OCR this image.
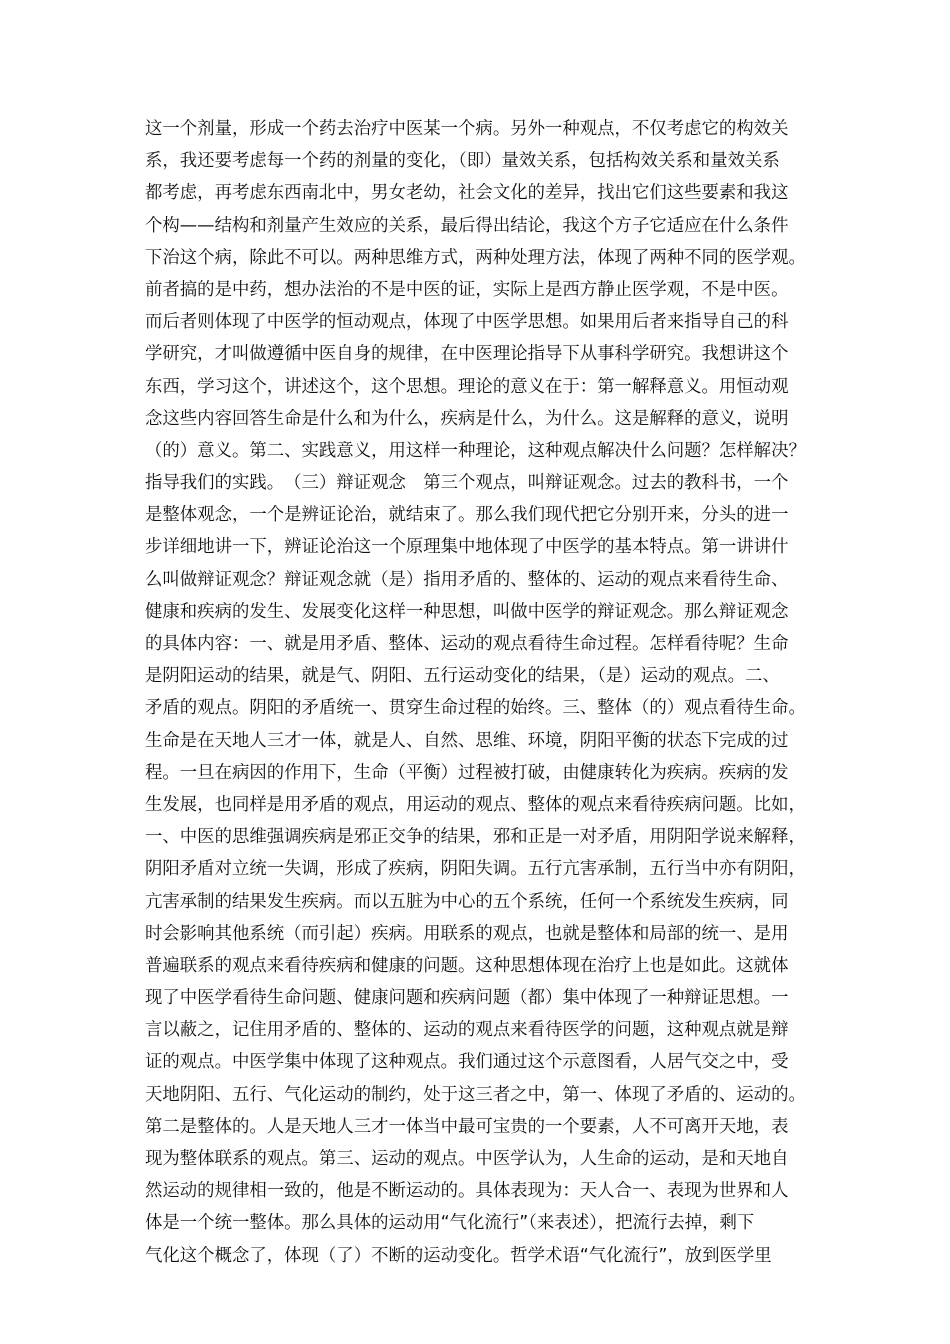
这一个剂量，形成一个药去治疗中医某一个病。另外一种观点，不仅考虑它的构效关
系，我还要考虑每一个药的剂量的变化，（即）量效关系，包括构效关系和量效关系
都考虑，再考虑东西南北中，男女老幼，社会文化的差异，找出它们这些要素和我这
个构——结构和剂量产生效应的关系，最后得出结论，我这个方子它适应在什么条件
下治这个病，除此不可以。两种思维方式，两种处理方法，体现了两种不同的医学观。
前者搞的是中药，想办法治的不是中医的证，实际上是西方静止医学观，不是中医。
而后者则体现了中医学的恒动观点，体现了中医学思想。如果用后者来指导自己的科
学研究，才叫做遵循中医自身的规律，在中医理论指导下从事科学研究。我想讲这个
东西，学习这个，讲述这个，这个思想。理论的意义在于：第一解释意义。用恒动观
念这些内容回答生命是什么和为什么，疾病是什么，为什么。这是解释的意义，说明
（的）意义。第二、实践意义，用这样一种理论，这种观点解决什么问题？怎样解决？
指导我们的实践。　（三）辩证观念　第三个观点，叫辩证观念。过去的教科书，一个
是整体观念，一个是辨证论治，就结束了。那么我们现代把它分别开来，分头的进一
步详细地讲一下，辨证论治这一个原理集中地体现了中医学的基本特点。第一讲讲什
么叫做辩证观念？辩证观念就（是）指用矛盾的、整体的、运动的观点来看待生命、
健康和疾病的发生、发展变化这样一种思想，叫做中医学的辩证观念。那么辩证观念
的具体内容：一、就是用矛盾、整体、运动的观点看待生命过程。怎样看待呢？生命
是阴阳运动的结果，就是气、阴阳、五行运动变化的结果，（是）运动的观点。二、
矛盾的观点。阴阳的矛盾统一、贯穿生命过程的始终。三、整体（的）观点看待生命。
生命是在天地人三才一体，就是人、自然、思维、环境，阴阳平衡的状态下完成的过
程。一旦在病因的作用下，生命（平衡）过程被打破，由健康转化为疾病。疾病的发
生发展，也同样是用矛盾的观点，用运动的观点、整体的观点来看待疾病问题。比如，
一、中医的思维强调疾病是邪正交争的结果，邪和正是一对矛盾，用阴阳学说来解释，
阴阳矛盾对立统一失调，形成了疾病，阴阳失调。五行亢害承制，五行当中亦有阴阳，
亢害承制的结果发生疾病。而以五脏为中心的五个系统，任何一个系统发生疾病，同
时会影响其他系统（而引起）疾病。用联系的观点，也就是整体和局部的统一、是用
普遍联系的观点来看待疾病和健康的问题。这种思想体现在治疗上也是如此。这就体
现了中医学看待生命问题、健康问题和疾病问题（都）集中体现了一种辩证思想。一
言以蔽之，记住用矛盾的、整体的、运动的观点来看待医学的问题，这种观点就是辩
证的观点。中医学集中体现了这种观点。我们通过这个示意图看，人居气交之中，受
天地阴阳、五行、气化运动的制约，处于这三者之中，第一、体现了矛盾的、运动的。
第二是整体的。人是天地人三才一体当中最可宝贵的一个要素，人不可离开天地，表
现为整体联系的观点。第三、运动的观点。中医学认为，人生命的运动，是和天地自
然运动的规律相一致的，他是不断运动的。具体表现为：天人合一、表现为世界和人
体是一个统一整体。那么具体的运动用“气化流行”（来表述），把流行去掉，剩下
气化这个概念了，体现（了）不断的运动变化。哲学术语“气化流行”，放到医学里
